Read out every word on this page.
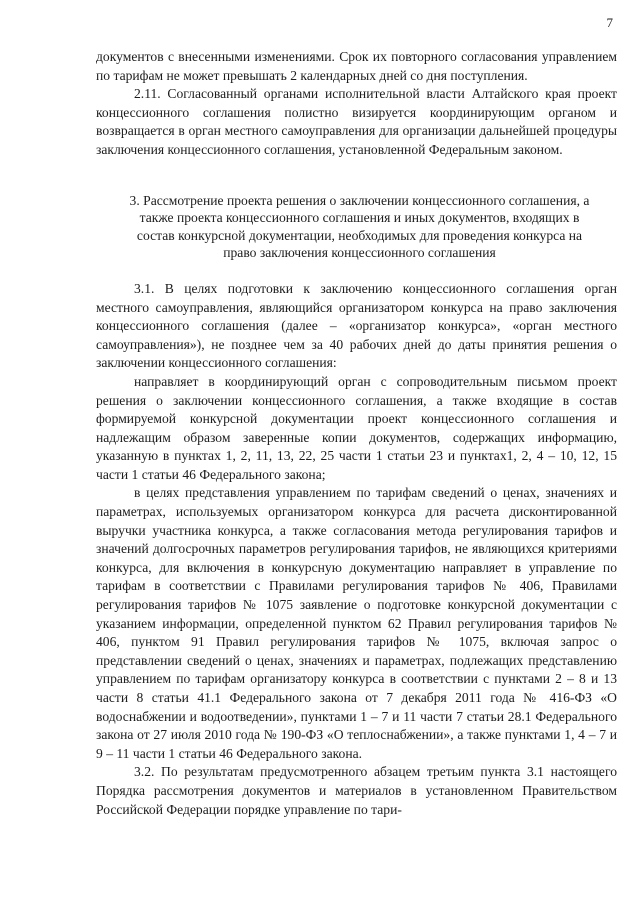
7

документов с внесенными изменениями. Срок их повторного согласования управлением по тарифам не может превышать 2 календарных дней со дня поступления.

2.11. Согласованный органами исполнительной власти Алтайского края проект концессионного соглашения полистно визируется координирующим органом и возвращается в орган местного самоуправления для организации дальнейшей процедуры заключения концессионного соглашения, установленной Федеральным законом.

3. Рассмотрение проекта решения о заключении концессионного соглашения, а также проекта концессионного соглашения и иных документов, входящих в состав конкурсной документации, необходимых для проведения конкурса на право заключения концессионного соглашения

3.1. В целях подготовки к заключению концессионного соглашения орган местного самоуправления, являющийся организатором конкурса на право заключения концессионного соглашения (далее – «организатор конкурса», «орган местного самоуправления»), не позднее чем за 40 рабочих дней до даты принятия решения о заключении концессионного соглашения:

направляет в координирующий орган с сопроводительным письмом проект решения о заключении концессионного соглашения, а также входящие в состав формируемой конкурсной документации проект концессионного соглашения и надлежащим образом заверенные копии документов, содержащих информацию, указанную в пунктах 1, 2, 11, 13, 22, 25 части 1 статьи 23 и пунктах1, 2, 4 – 10, 12, 15 части 1 статьи 46 Федерального закона;

в целях представления управлением по тарифам сведений о ценах, значениях и параметрах, используемых организатором конкурса для расчета дисконтированной выручки участника конкурса, а также согласования метода регулирования тарифов и значений долгосрочных параметров регулирования тарифов, не являющихся критериями конкурса, для включения в конкурсную документацию направляет в управление по тарифам в соответствии с Правилами регулирования тарифов № 406, Правилами регулирования тарифов № 1075 заявление о подготовке конкурсной документации с указанием информации, определенной пунктом 62 Правил регулирования тарифов № 406, пунктом 91 Правил регулирования тарифов № 1075, включая запрос о представлении сведений о ценах, значениях и параметрах, подлежащих представлению управлением по тарифам организатору конкурса в соответствии с пунктами 2 – 8 и 13 части 8 статьи 41.1 Федерального закона от 7 декабря 2011 года № 416-ФЗ «О водоснабжении и водоотведении», пунктами 1 – 7 и 11 части 7 статьи 28.1 Федерального закона от 27 июля 2010 года № 190-ФЗ «О теплоснабжении», а также пунктами 1, 4 – 7 и 9 – 11 части 1 статьи 46 Федерального закона.

3.2. По результатам предусмотренного абзацем третьим пункта 3.1 настоящего Порядка рассмотрения документов и материалов в установленном Правительством Российской Федерации порядке управление по тари-
